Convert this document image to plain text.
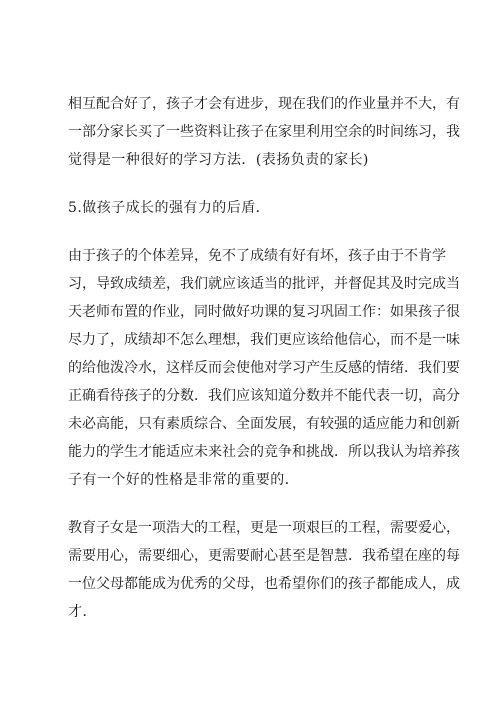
相互配合好了，孩子才会有进步，现在我们的作业量并不大，有
一部分家长买了一些资料让孩子在家里利用空余的时间练习，我
觉得是一种很好的学习方法．(表扬负责的家长)
5.做孩子成长的强有力的后盾．
由于孩子的个体差异，免不了成绩有好有坏，孩子由于不肯学
习，导致成绩差，我们就应该适当的批评，并督促其及时完成当
天老师布置的作业，同时做好功课的复习巩固工作：如果孩子很
尽力了，成绩却不怎么理想，我们更应该给他信心，而不是一味
的给他泼冷水，这样反而会使他对学习产生反感的情绪．我们要
正确看待孩子的分数．我们应该知道分数并不能代表一切，高分
未必高能，只有素质综合、全面发展，有较强的适应能力和创新
能力的学生才能适应未来社会的竞争和挑战．所以我认为培养孩
子有一个好的性格是非常的重要的．
教育子女是一项浩大的工程，更是一项艰巨的工程，需要爱心，
需要用心，需要细心，更需要耐心甚至是智慧．我希望在座的每
一位父母都能成为优秀的父母，也希望你们的孩子都能成人，成
才．
